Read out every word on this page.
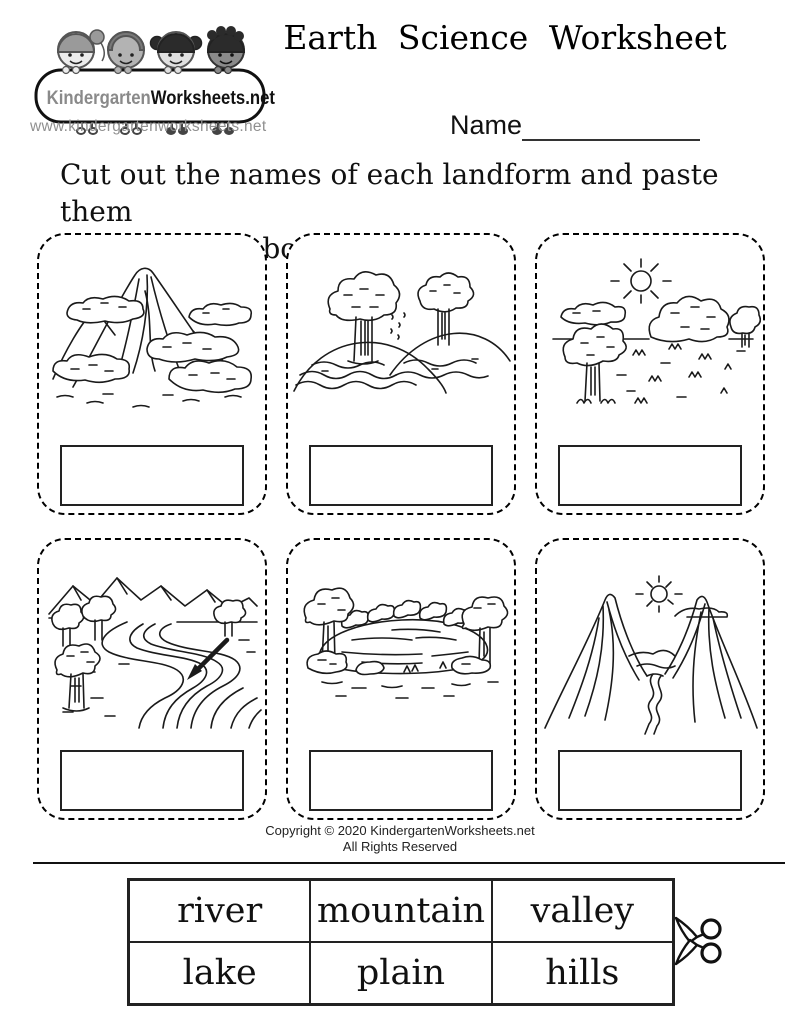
KindergartenWorksheets.net
www.kindergartenworksheets.net
Earth Science Worksheet
Name
Cut out the names of each landform and paste them
Copyright © 2020 KindergartenWorksheets.net
All Rights Reserved
river	mountain	valley
lake	plain	hills
